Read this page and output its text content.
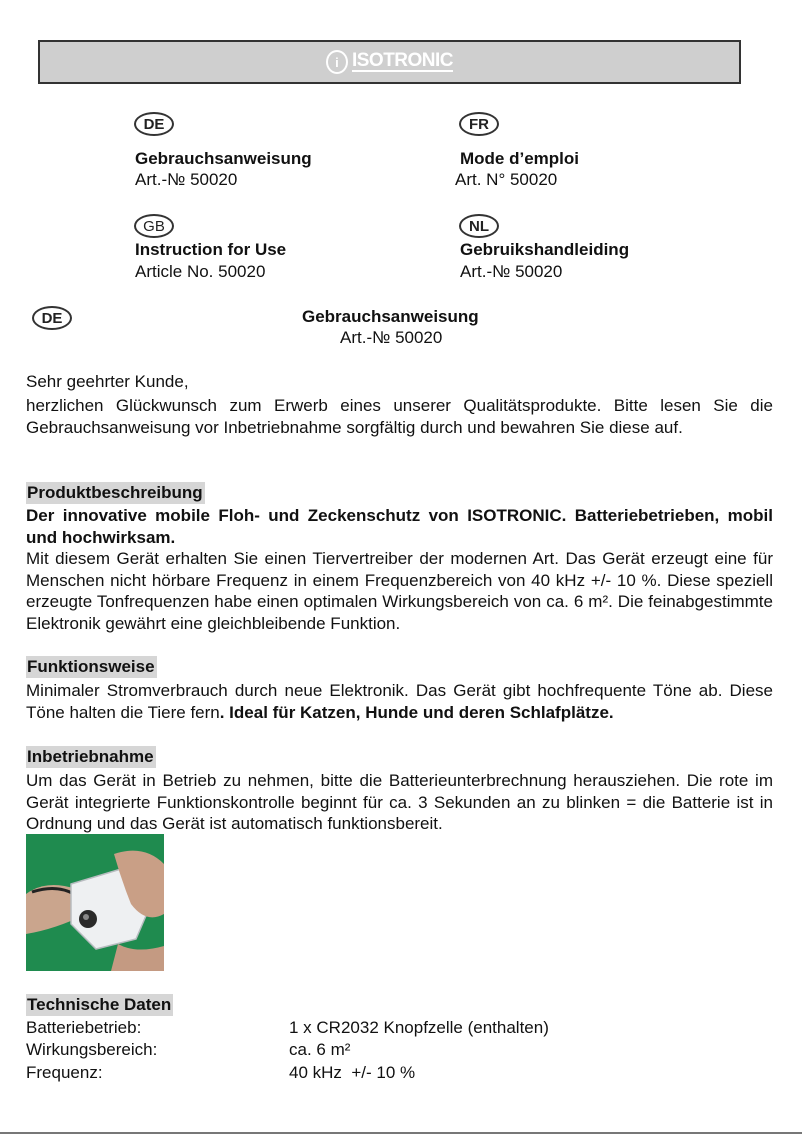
i ISOTRONIC
DE
Gebrauchsanweisung
Art.-№ 50020
FR
Mode d’emploi
Art. N° 50020
GB
Instruction for Use
Article No. 50020
NL
Gebruikshandleiding
Art.-№ 50020
DE	Gebrauchsanweisung
Art.-№ 50020
Sehr geehrter Kunde,

herzlichen Glückwunsch zum Erwerb eines unserer Qualitätsprodukte. Bitte lesen Sie die Gebrauchsanweisung vor Inbetriebnahme sorgfältig durch und bewahren Sie diese auf.

Produktbeschreibung

Der innovative mobile Floh- und Zeckenschutz von ISOTRONIC. Batteriebetrieben, mobil und hochwirksam.

Mit diesem Gerät erhalten Sie einen Tiervertreiber der modernen Art. Das Gerät erzeugt eine für Menschen nicht hörbare Frequenz in einem Frequenzbereich von 40 kHz +/- 10 %. Diese speziell erzeugte Tonfrequenzen habe einen optimalen Wirkungsbereich von ca. 6 m². Die feinabgestimmte Elektronik gewährt eine gleichbleibende Funktion.

Funktionsweise

Minimaler Stromverbrauch durch neue Elektronik. Das Gerät gibt hochfrequente Töne ab. Diese Töne halten die Tiere fern. Ideal für Katzen, Hunde und deren Schlafplätze.

Inbetriebnahme

Um das Gerät in Betrieb zu nehmen, bitte die Batterieunterbrechnung herausziehen. Die rote im Gerät integrierte Funktionskontrolle beginnt für ca. 3 Sekunden an zu blinken = die Batterie ist in Ordnung und das Gerät ist automatisch funktionsbereit.

Technische Daten
Batteriebetrieb:	1 x CR2032 Knopfzelle (enthalten)
Wirkungsbereich:	ca. 6 m²
Frequenz:	40 kHz  +/- 10 %
